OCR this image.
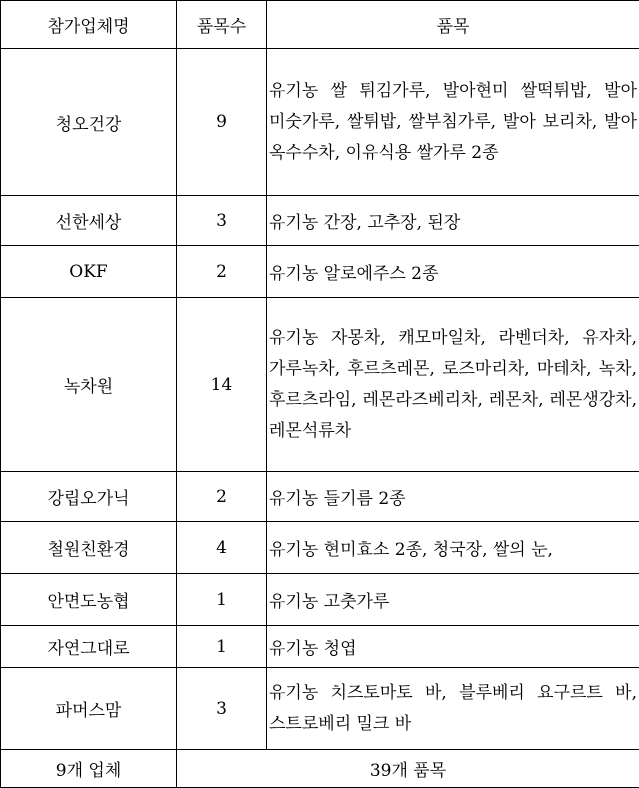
참가업체명	품목수	품목
청오건강	9	유기농 쌀 튀김가루, 발아현미 쌀떡튀밥, 발아 미숫가루, 쌀튀밥, 쌀부침가루, 발아 보리차, 발아 옥수수차, 이유식용 쌀가루 2종
선한세상	3	유기농 간장, 고추장, 된장
OKF	2	유기농 알로에주스 2종
녹차원	14	유기농 자몽차, 캐모마일차, 라벤더차, 유자차, 가루녹차, 후르츠레몬, 로즈마리차, 마테차, 녹차, 후르츠라임, 레몬라즈베리차, 레몬차, 레몬생강차, 레몬석류차
강립오가닉	2	유기농 들기름 2종
철원친환경	4	유기농 현미효소 2종, 청국장, 쌀의 눈,
안면도농협	1	유기농 고춧가루
자연그대로	1	유기농 청엽
파머스맘	3	유기농 치즈토마토 바, 블루베리 요구르트 바, 스트로베리 밀크 바
9개 업체	39개 품목	
